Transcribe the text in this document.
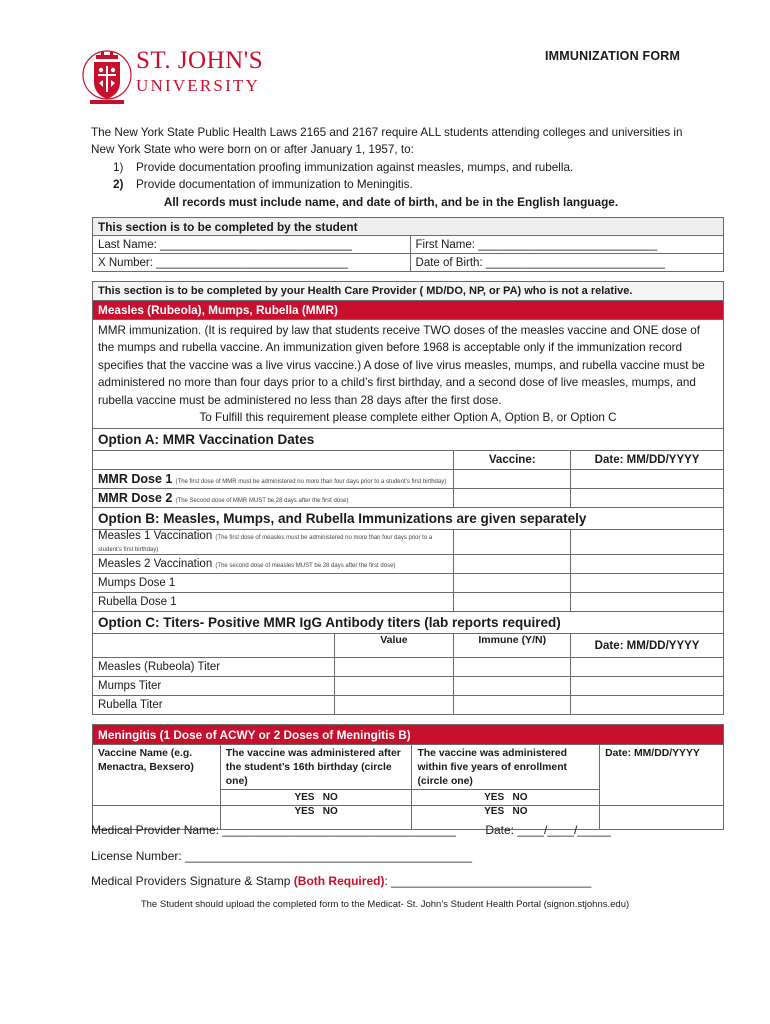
ST. JOHN'S
UNIVERSITY
IMMUNIZATION FORM

The New York State Public Health Laws 2165 and 2167 require ALL students attending colleges and universities in New York State who were born on or after January 1, 1957, to:

1)	Provide documentation proofing immunization against measles, mumps, and rubella.
2)	Provide documentation of immunization to Meningitis.

All records must include name, and date of birth, and be in the English language.

This section is to be completed by the student	
Last Name: ______________________________	First Name: ____________________________
X Number: ______________________________	Date of Birth: ____________________________
This section is to be completed by your Health Care Provider ( MD/DO, NP, or PA) who is not a relative.			
Measles (Rubeola), Mumps, Rubella (MMR)			
MMR immunization. (It is required by law that students receive TWO doses of the measles vaccine and ONE dose of the mumps and rubella vaccine. An immunization given before 1968 is acceptable only if the immunization record specifies that the vaccine was a live virus vaccine.) A dose of live virus measles, mumps, and rubella vaccine must be administered no more than four days prior to a child’s first birthday, and a second dose of live measles, mumps, and rubella vaccine must be administered no less than 28 days after the first dose.
To Fulfill this requirement please complete either Option A, Option B, or Option C			

Option A: MMR Vaccination Dates			
		Vaccine:	Date: MM/DD/YYYY
MMR Dose 1 (The first dose of MMR must be administered no more than four days prior to a student’s first birthday)			
MMR Dose 2 (The Second dose of MMR MUST be 28 days after the first dose)			
Option B: Measles, Mumps, and Rubella Immunizations are given separately			
Measles 1 Vaccination (The first dose of measles must be administered no more than four days prior to a student’s first birthday)			
Measles 2 Vaccination (The second dose of measles MUST be 28 days after the first dose)			
Mumps Dose 1			
Rubella Dose 1			
Option C: Titers- Positive MMR IgG Antibody titers (lab reports required)			
	Value	Immune (Y/N)	Date: MM/DD/YYYY
Measles (Rubeola) Titer			
Mumps Titer			
Rubella Titer			
Meningitis (1 Dose of ACWY or 2 Doses of Meningitis B)			
Vaccine Name (e.g. Menactra, Bexsero)	The vaccine was administered after the student’s 16th birthday (circle one)	The vaccine was administered within five years of enrollment (circle one)	Date: MM/DD/YYYY
	YES NO	YES NO	
	YES NO	YES NO	
Medical Provider Name: ___________________________________ Date: ____/____/_____
License Number: ___________________________________________
Medical Providers Signature & Stamp (Both Required): ______________________________
The Student should upload the completed form to the Medicat- St. John’s Student Health Portal (signon.stjohns.edu)
